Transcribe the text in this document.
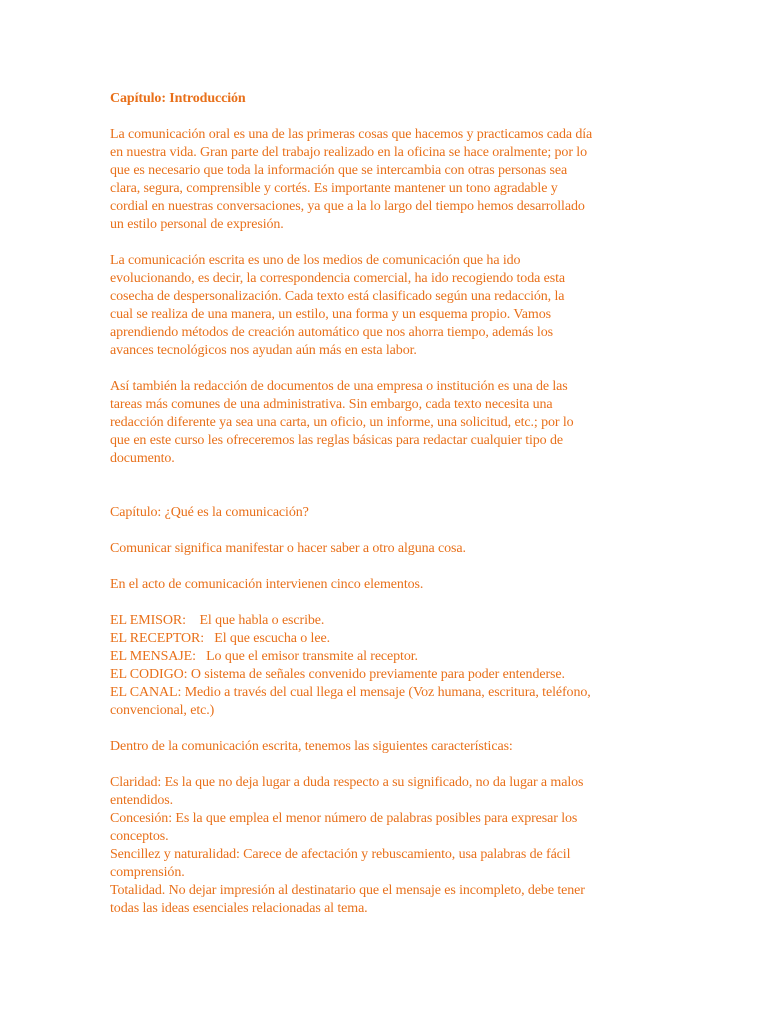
Capítulo: Introducción

La comunicación oral es una de las primeras cosas que hacemos y practicamos cada día
en nuestra vida. Gran parte del trabajo realizado en la oficina se hace oralmente; por lo
que es necesario que toda la información que se intercambia con otras personas sea
clara, segura, comprensible y cortés. Es importante mantener un tono agradable y
cordial en nuestras conversaciones, ya que a la lo largo del tiempo hemos desarrollado
un estilo personal de expresión.

La comunicación escrita es uno de los medios de comunicación que ha ido
evolucionando, es decir, la correspondencia comercial, ha ido recogiendo toda esta
cosecha de despersonalización. Cada texto está clasificado según una redacción, la
cual se realiza de una manera, un estilo, una forma y un esquema propio. Vamos
aprendiendo métodos de creación automático que nos ahorra tiempo, además los
avances tecnológicos nos ayudan aún más en esta labor.

Así también la redacción de documentos de una empresa o institución es una de las
tareas más comunes de una administrativa. Sin embargo, cada texto necesita una
redacción diferente ya sea una carta, un oficio, un informe, una solicitud, etc.; por lo
que en este curso les ofreceremos las reglas básicas para redactar cualquier tipo de
documento.

Capítulo: ¿Qué es la comunicación?

Comunicar significa manifestar o hacer saber a otro alguna cosa.

En el acto de comunicación intervienen cinco elementos.

EL EMISOR:    El que habla o escribe.
EL RECEPTOR:   El que escucha o lee.
EL MENSAJE:   Lo que el emisor transmite al receptor.
EL CODIGO: O sistema de señales convenido previamente para poder entenderse.
EL CANAL: Medio a través del cual llega el mensaje (Voz humana, escritura, teléfono,
convencional, etc.)

Dentro de la comunicación escrita, tenemos las siguientes características:

Claridad: Es la que no deja lugar a duda respecto a su significado, no da lugar a malos
entendidos.

Concesión: Es la que emplea el menor número de palabras posibles para expresar los
conceptos.

Sencillez y naturalidad: Carece de afectación y rebuscamiento, usa palabras de fácil
comprensión.

Totalidad. No dejar impresión al destinatario que el mensaje es incompleto, debe tener
todas las ideas esenciales relacionadas al tema.
